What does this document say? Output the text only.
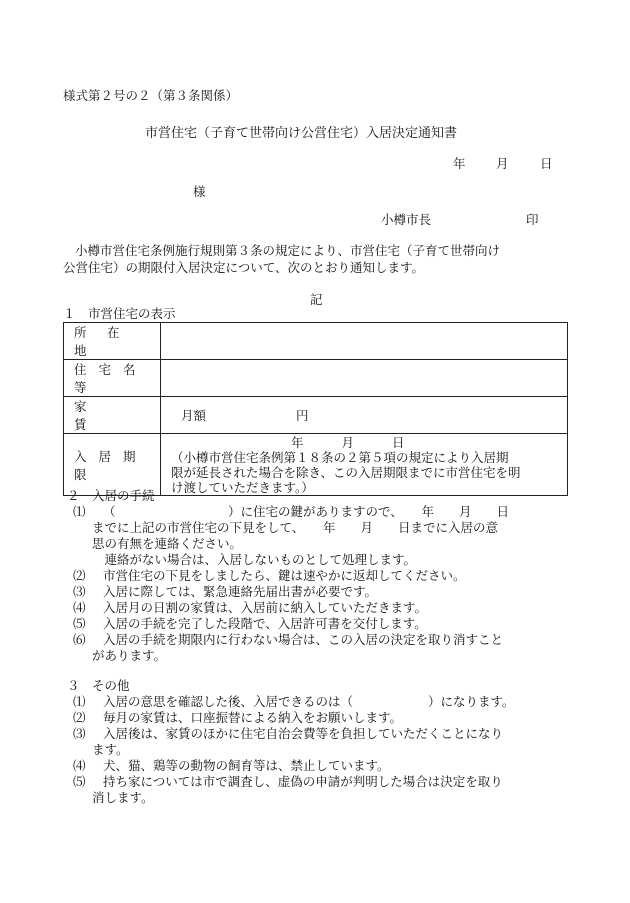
様式第２号の２（第３条関係）
市営住宅（子育て世帯向け公営住宅）入居決定通知書
年 月	日
様
小樽市長	印
小樽市営住宅条例施行規則第３条の規定により、市営住宅（子育て世帯向け
公営住宅）の期限付入居決定について、次のとおり通知します。
記
１　市営住宅の表示
所　在　地	
住 宅 名 等	
家賃	月額 円
入 居 期 限	年 月 日
（小樽市営住宅条例第１８条の２第５項の規定により入居期
限が延長された場合を除き、この入居期限までに市営住宅を明
け渡していただきます。）
２　入居の手続
⑴ （　　　　　　　　　）に住宅の鍵がありますので、　　年　　月　　日
までに上記の市営住宅の下見をして、　　年　　月　　日までに入居の意
思の有無を連絡ください。
　連絡がない場合は、入居しないものとして処理します。
⑵ 市営住宅の下見をしましたら、鍵は速やかに返却してください。
⑶ 入居に際しては、緊急連絡先届出書が必要です。
⑷ 入居月の日割の家賃は、入居前に納入していただきます。
⑸ 入居の手続を完了した段階で、入居許可書を交付します。
⑹ 入居の手続を期限内に行わない場合は、この入居の決定を取り消すこと
があります。
３　その他
⑴ 入居の意思を確認した後、入居できるのは（　　　　　　）になります。
⑵ 毎月の家賃は、口座振替による納入をお願いします。
⑶ 入居後は、家賃のほかに住宅自治会費等を負担していただくことになり
ます。
⑷ 犬、猫、鶏等の動物の飼育等は、禁止しています。
⑸ 持ち家については市で調査し、虚偽の申請が判明した場合は決定を取り
消します。
